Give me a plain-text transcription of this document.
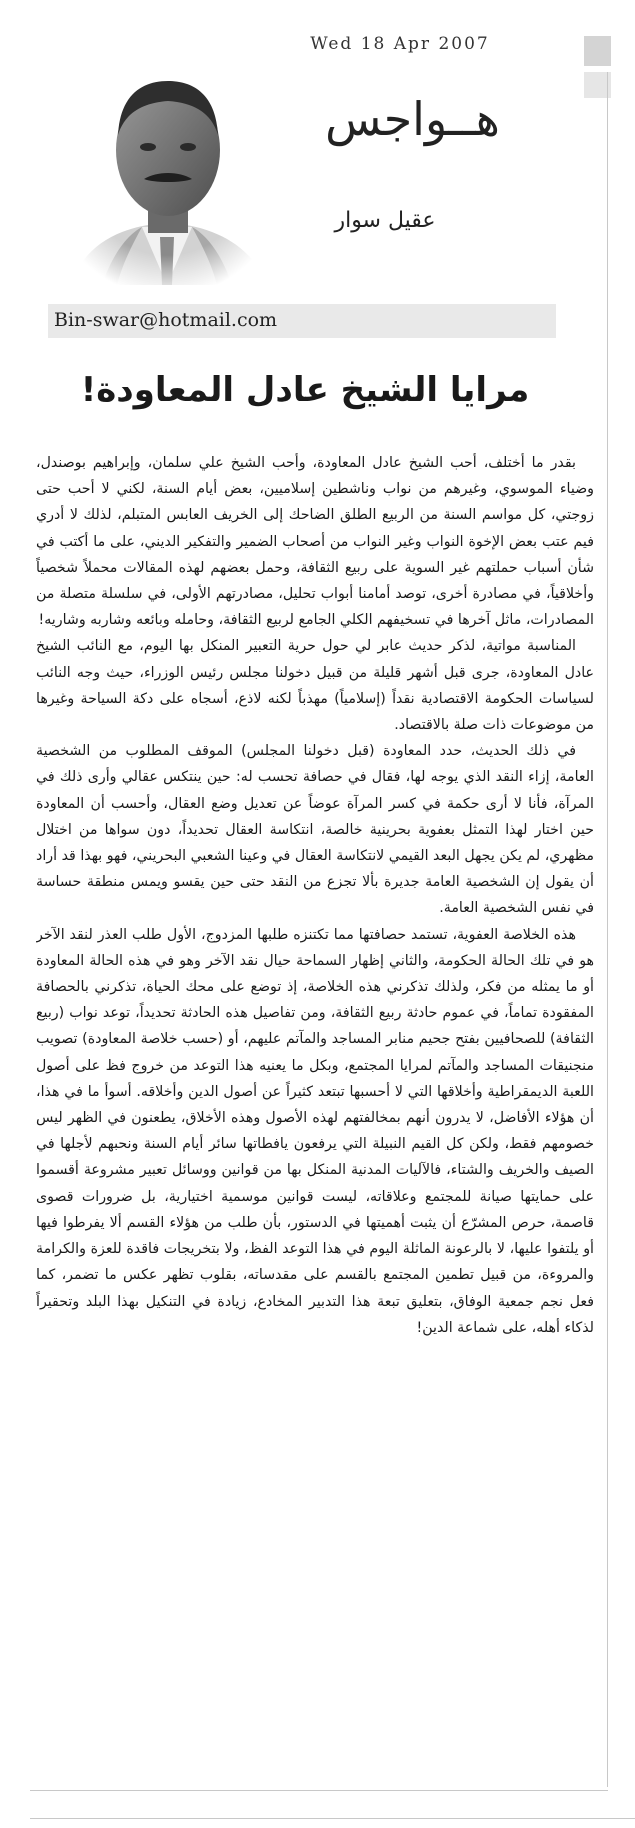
Wed 18 Apr 2007
هــواجس
عقيل سوار
Bin-swar@hotmail.com
مرايا الشيخ عادل المعاودة!

بقدر ما أختلف، أحب الشيخ عادل المعاودة، وأحب الشيخ علي سلمان، وإبراهيم بوصندل، وضياء الموسوي، وغيرهم من نواب وناشطين إسلاميين، بعض أيام السنة، لكني لا أحب حتى زوجتي، كل مواسم السنة من الربيع الطلق الضاحك إلى الخريف العابس المتبلم، لذلك لا أدري فيم عتب بعض الإخوة النواب وغير النواب من أصحاب الضمير والتفكير الديني، على ما أكتب في شأن أسباب حملتهم غير السوية على ربيع الثقافة، وحمل بعضهم لهذه المقالات محملاً شخصياً وأخلاقياً، في مصادرة أخرى، توصد أمامنا أبواب تحليل، مصادرتهم الأولى، في سلسلة متصلة من المصادرات، ماثل آخرها في تسخيفهم الكلي الجامع لربيع الثقافة، وحامله وبائعه وشاربه وشاريه!

المناسبة مواتية، لذكر حديث عابر لي حول حرية التعبير المنكل بها اليوم، مع النائب الشيخ عادل المعاودة، جرى قبل أشهر قليلة من قبيل دخولنا مجلس رئيس الوزراء، حيث وجه النائب لسياسات الحكومة الاقتصادية نقداً (إسلامياً) مهذباً لكنه لاذع، أسجاه على دكة السياحة وغيرها من موضوعات ذات صلة بالاقتصاد.

في ذلك الحديث، حدد المعاودة (قبل دخولنا المجلس) الموقف المطلوب من الشخصية العامة، إزاء النقد الذي يوجه لها، فقال في حصافة تحسب له: حين ينتكس عقالي وأرى ذلك في المرآة، فأنا لا أرى حكمة في كسر المرآة عوضاً عن تعديل وضع العقال، وأحسب أن المعاودة حين اختار لهذا التمثل بعفوية بحرينية خالصة، انتكاسة العقال تحديداً، دون سواها من اختلال مظهري، لم يكن يجهل البعد القيمي لانتكاسة العقال في وعينا الشعبي البحريني، فهو بهذا قد أراد أن يقول إن الشخصية العامة جديرة بألا تجزع من النقد حتى حين يقسو ويمس منطقة حساسة في نفس الشخصية العامة.

هذه الخلاصة العفوية، تستمد حصافتها مما تكتنزه طلبها المزدوج، الأول طلب العذر لنقد الآخر هو في تلك الحالة الحكومة، والثاني إظهار السماحة حيال نقد الآخر وهو في هذه الحالة المعاودة أو ما يمثله من فكر، ولذلك تذكرني هذه الخلاصة، إذ توضع على محك الحياة، تذكرني بالحصافة المفقودة تماماً، في عموم حادثة ربيع الثقافة، ومن تفاصيل هذه الحادثة تحديداً، توعد نواب (ربيع الثقافة) للصحافيين بفتح جحيم منابر المساجد والمآتم عليهم، أو (حسب خلاصة المعاودة) تصويب منجنيقات المساجد والمآتم لمرايا المجتمع، وبكل ما يعنيه هذا التوعد من خروج فظ على أصول اللعبة الديمقراطية وأخلاقها التي لا أحسبها تبتعد كثيراً عن أصول الدين وأخلاقه. أسوأ ما في هذا، أن هؤلاء الأفاضل، لا يدرون أنهم بمخالفتهم لهذه الأصول وهذه الأخلاق، يطعنون في الظهر ليس خصومهم فقط، ولكن كل القيم النبيلة التي يرفعون يافطاتها سائر أيام السنة ونحبهم لأجلها في الصيف والخريف والشتاء، فالآليات المدنية المنكل بها من قوانين ووسائل تعبير مشروعة أقسموا على حمايتها صيانة للمجتمع وعلاقاته، ليست قوانين موسمية اختيارية، بل ضرورات قصوى قاصمة، حرص المشرّع أن يثبت أهميتها في الدستور، بأن طلب من هؤلاء القسم ألا يفرطوا فيها أو يلتفوا عليها، لا بالرعونة الماثلة اليوم في هذا التوعد الفظ، ولا بتخريجات فاقدة للعزة والكرامة والمروءة، من قبيل تطمين المجتمع بالقسم على مقدساته، بقلوب تظهر عكس ما تضمر، كما فعل نجم جمعية الوفاق، بتعليق تبعة هذا التدبير المخادع، زيادة في التنكيل بهذا البلد وتحقيراً لذكاء أهله، على شماعة الدين!
